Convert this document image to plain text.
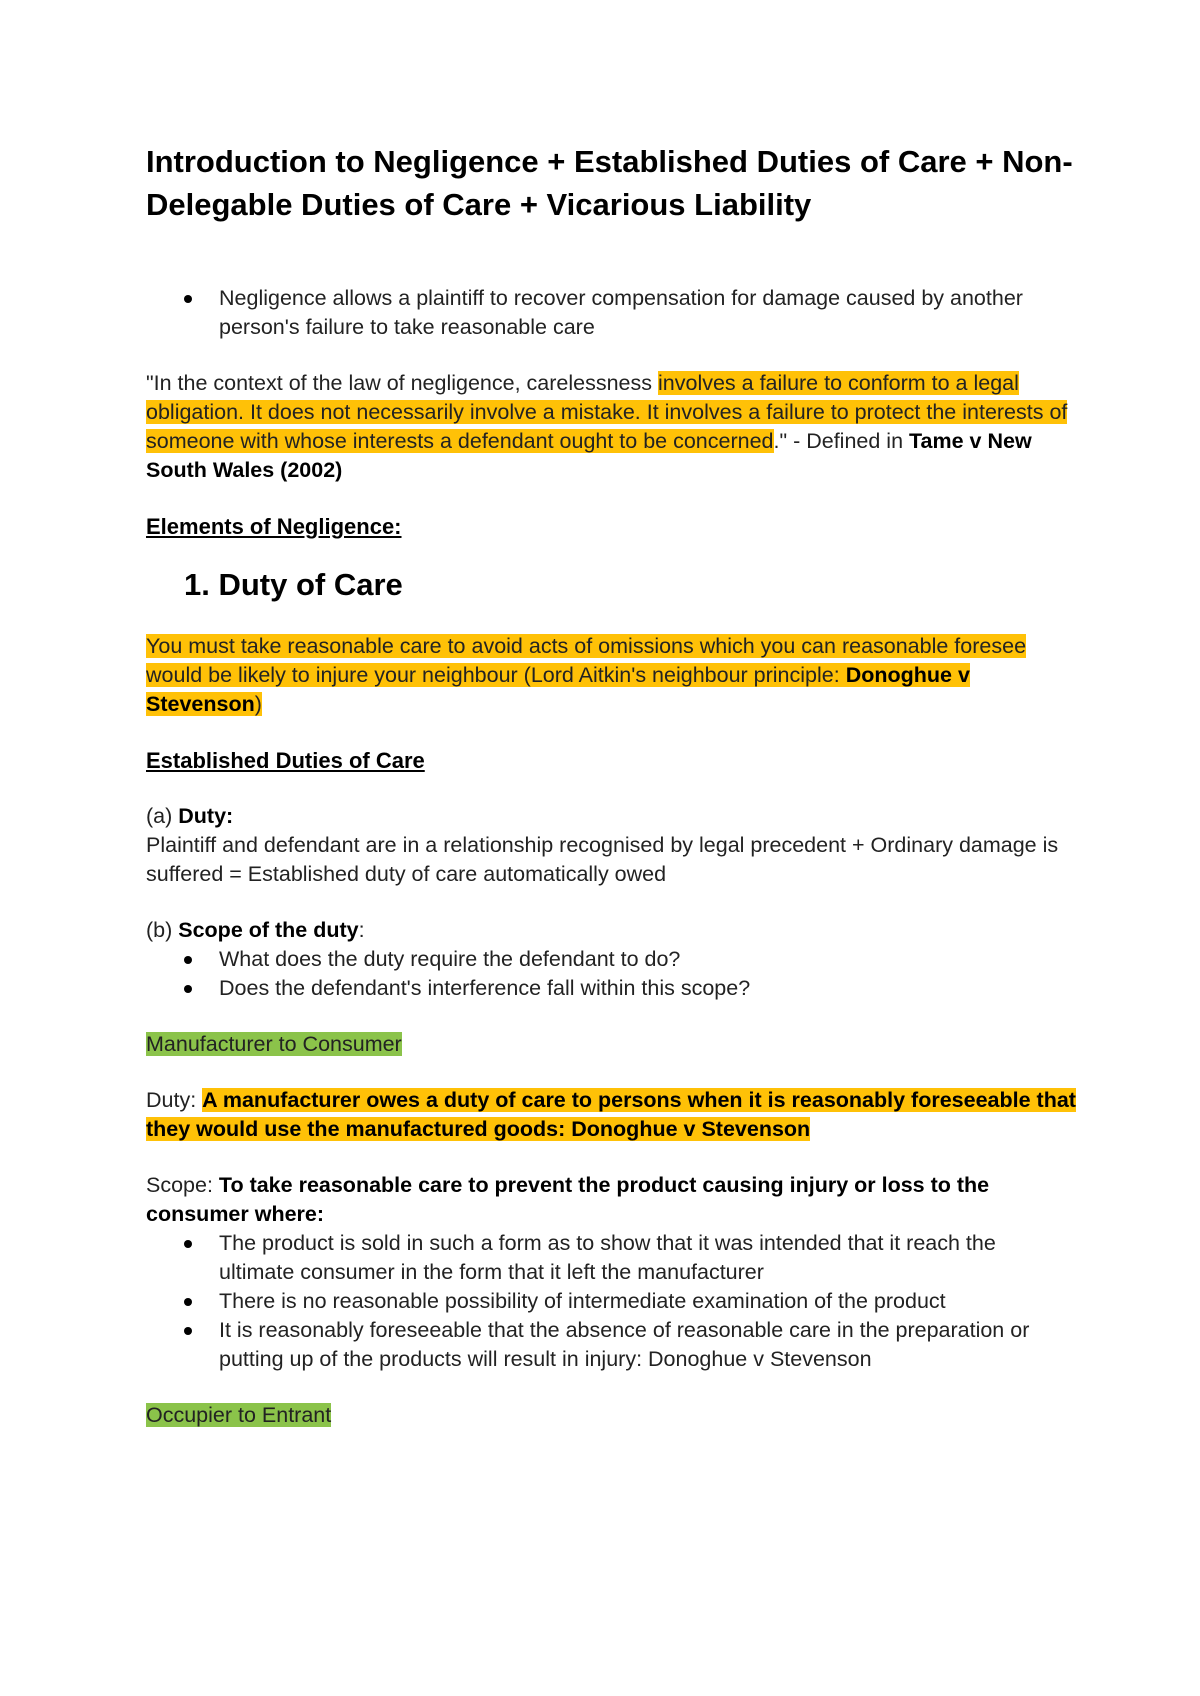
Introduction to Negligence + Established Duties of Care + Non-Delegable Duties of Care + Vicarious Liability
Negligence allows a plaintiff to recover compensation for damage caused by another person's failure to take reasonable care

"In the context of the law of negligence, carelessness involves a failure to conform to a legal obligation. It does not necessarily involve a mistake. It involves a failure to protect the interests of someone with whose interests a defendant ought to be concerned." - Defined in Tame v New South Wales (2002)

Elements of Negligence:

1. Duty of Care

You must take reasonable care to avoid acts of omissions which you can reasonable foresee would be likely to injure your neighbour (Lord Aitkin's neighbour principle: Donoghue v Stevenson)

Established Duties of Care

(a) Duty:

Plaintiff and defendant are in a relationship recognised by legal precedent + Ordinary damage is suffered = Established duty of care automatically owed

(b) Scope of the duty:

What does the duty require the defendant to do?
Does the defendant's interference fall within this scope?

Manufacturer to Consumer

Duty: A manufacturer owes a duty of care to persons when it is reasonably foreseeable that they would use the manufactured goods: Donoghue v Stevenson

Scope: To take reasonable care to prevent the product causing injury or loss to the consumer where:

The product is sold in such a form as to show that it was intended that it reach the ultimate consumer in the form that it left the manufacturer
There is no reasonable possibility of intermediate examination of the product
It is reasonably foreseeable that the absence of reasonable care in the preparation or putting up of the products will result in injury: Donoghue v Stevenson

Occupier to Entrant
